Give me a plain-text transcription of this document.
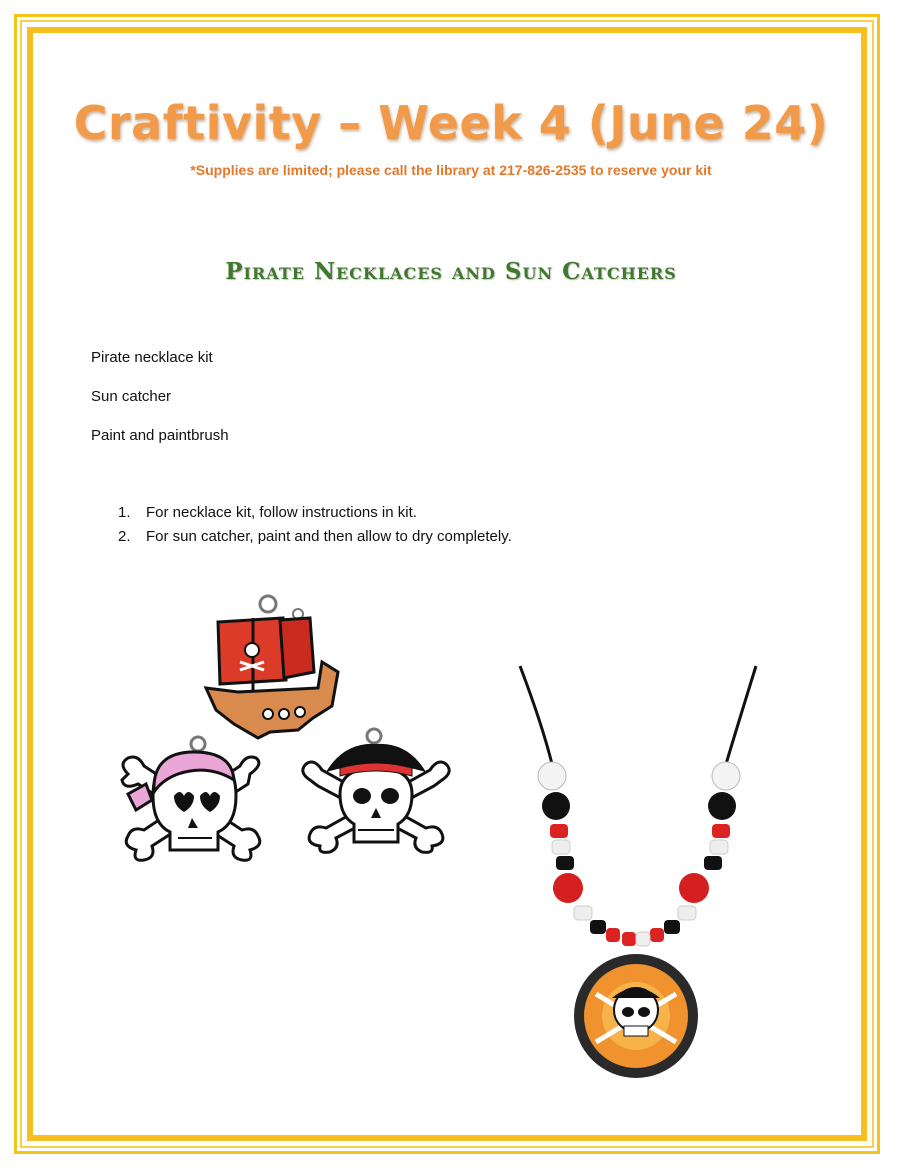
Craftivity – Week 4 (June 24)
*Supplies are limited; please call the library at 217-826-2535 to reserve your kit
Pirate Necklaces and Sun Catchers
Pirate necklace kit
Sun catcher
Paint and paintbrush
1. For necklace kit, follow instructions in kit.
2. For sun catcher, paint and then allow to dry completely.
